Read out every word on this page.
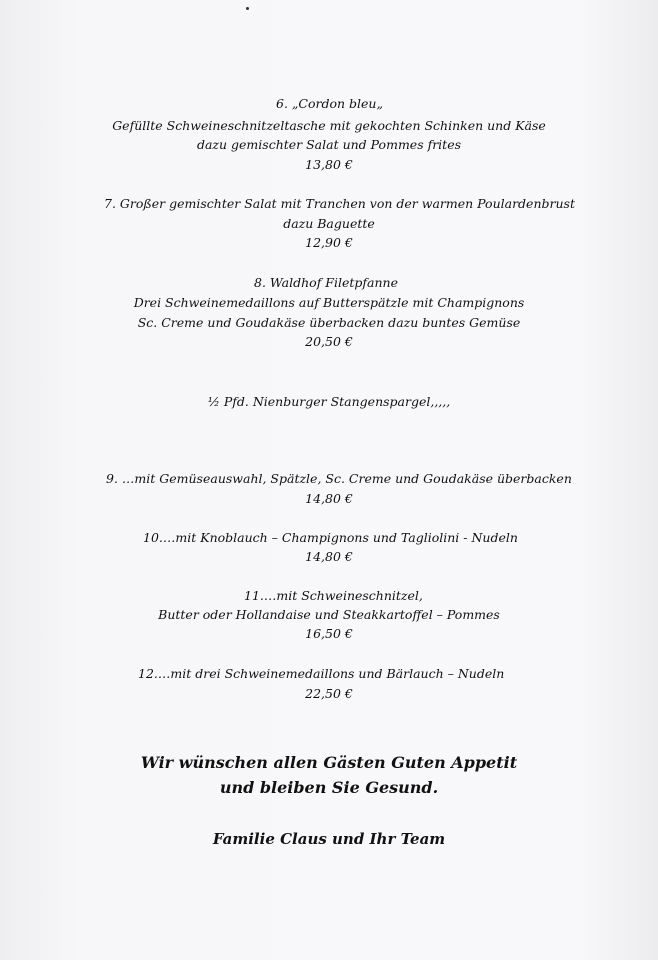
6. „Cordon bleu„
Gefüllte Schweineschnitzeltasche mit gekochten Schinken und Käse
dazu gemischter Salat und Pommes frites
13,80 €
7. Großer gemischter Salat mit Tranchen von der warmen Poulardenbrust
dazu Baguette
12,90 €
8. Waldhof Filetpfanne
Drei Schweinemedaillons auf Butterspätzle mit Champignons
Sc. Creme und Goudakäse überbacken dazu buntes Gemüse
20,50 €
½ Pfd. Nienburger Stangenspargel,,,,,
9. …mit Gemüseauswahl, Spätzle, Sc. Creme und Goudakäse überbacken
14,80 €
10.…mit Knoblauch – Champignons und Tagliolini - Nudeln
14,80 €
11.…mit Schweineschnitzel,
Butter oder Hollandaise und Steakkartoffel – Pommes
16,50 €
12.…mit drei Schweinemedaillons und Bärlauch – Nudeln
22,50 €
Wir wünschen allen Gästen Guten Appetit
und bleiben Sie Gesund.
Familie Claus und Ihr Team
